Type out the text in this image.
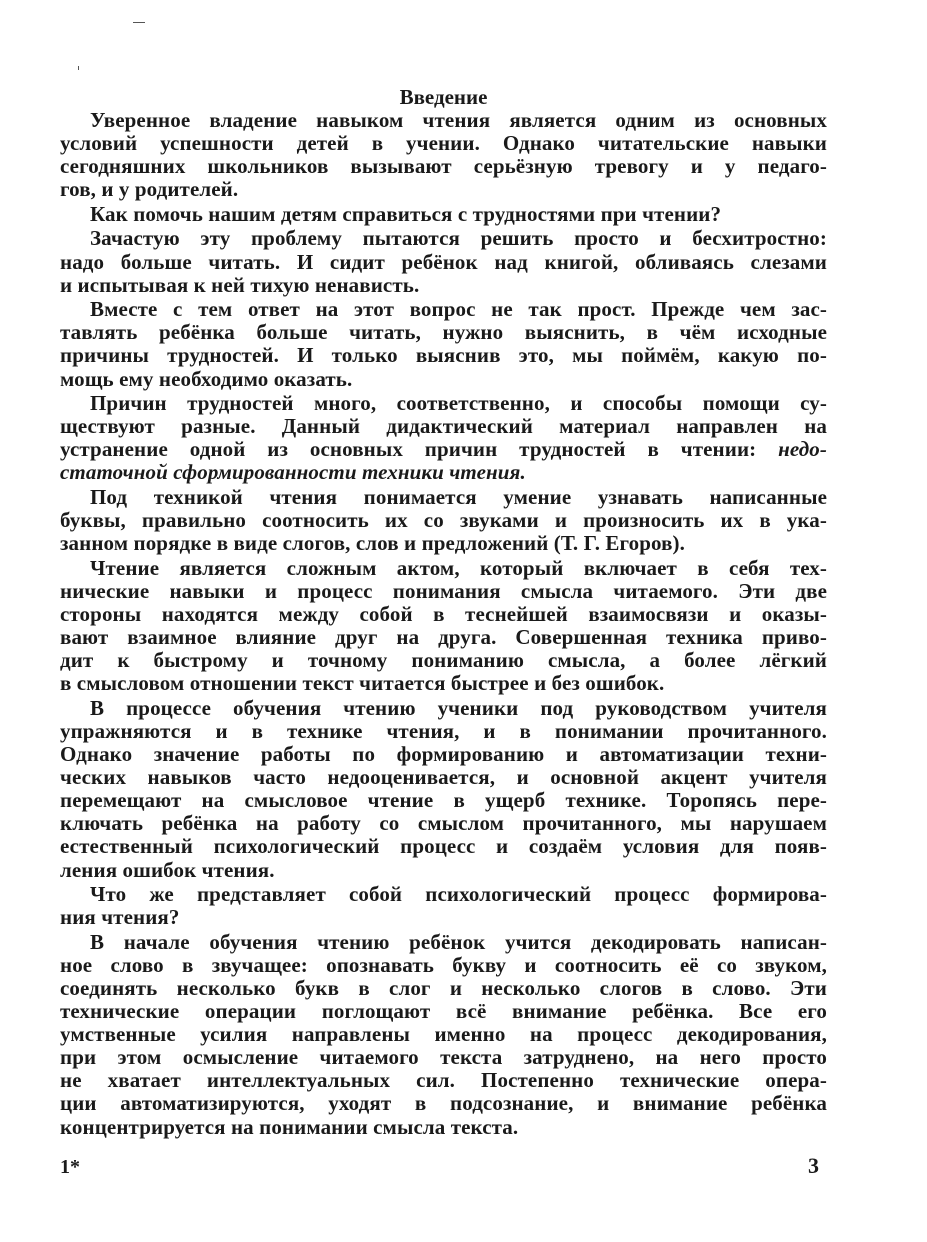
Введение
Уверенное владение навыком чтения является одним из основных
условий успешности детей в учении. Однако читательские навыки
сегодняшних школьников вызывают серьёзную тревогу и у педаго-
гов, и у родителей.
Как помочь нашим детям справиться с трудностями при чтении?
Зачастую эту проблему пытаются решить просто и бесхитростно:
надо больше читать. И сидит ребёнок над книгой, обливаясь слезами
и испытывая к ней тихую ненависть.
Вместе с тем ответ на этот вопрос не так прост. Прежде чем зас-
тавлять ребёнка больше читать, нужно выяснить, в чём исходные
причины трудностей. И только выяснив это, мы поймём, какую по-
мощь ему необходимо оказать.
Причин трудностей много, соответственно, и способы помощи су-
ществуют разные. Данный дидактический материал направлен на
устранение одной из основных причин трудностей в чтении: недо-
статочной сформированности техники чтения.
Под техникой чтения понимается умение узнавать написанные
буквы, правильно соотносить их со звуками и произносить их в ука-
занном порядке в виде слогов, слов и предложений (Т. Г. Егоров).
Чтение является сложным актом, который включает в себя тех-
нические навыки и процесс понимания смысла читаемого. Эти две
стороны находятся между собой в теснейшей взаимосвязи и оказы-
вают взаимное влияние друг на друга. Совершенная техника приво-
дит к быстрому и точному пониманию смысла, а более лёгкий
в смысловом отношении текст читается быстрее и без ошибок.
В процессе обучения чтению ученики под руководством учителя
упражняются и в технике чтения, и в понимании прочитанного.
Однако значение работы по формированию и автоматизации техни-
ческих навыков часто недооценивается, и основной акцент учителя
перемещают на смысловое чтение в ущерб технике. Торопясь пере-
ключать ребёнка на работу со смыслом прочитанного, мы нарушаем
естественный психологический процесс и создаём условия для появ-
ления ошибок чтения.
Что же представляет собой психологический процесс формирова-
ния чтения?
В начале обучения чтению ребёнок учится декодировать написан-
ное слово в звучащее: опознавать букву и соотносить её со звуком,
соединять несколько букв в слог и несколько слогов в слово. Эти
технические операции поглощают всё внимание ребёнка. Все его
умственные усилия направлены именно на процесс декодирования,
при этом осмысление читаемого текста затруднено, на него просто
не хватает интеллектуальных сил. Постепенно технические опера-
ции автоматизируются, уходят в подсознание, и внимание ребёнка
концентрируется на понимании смысла текста.
1*	3
